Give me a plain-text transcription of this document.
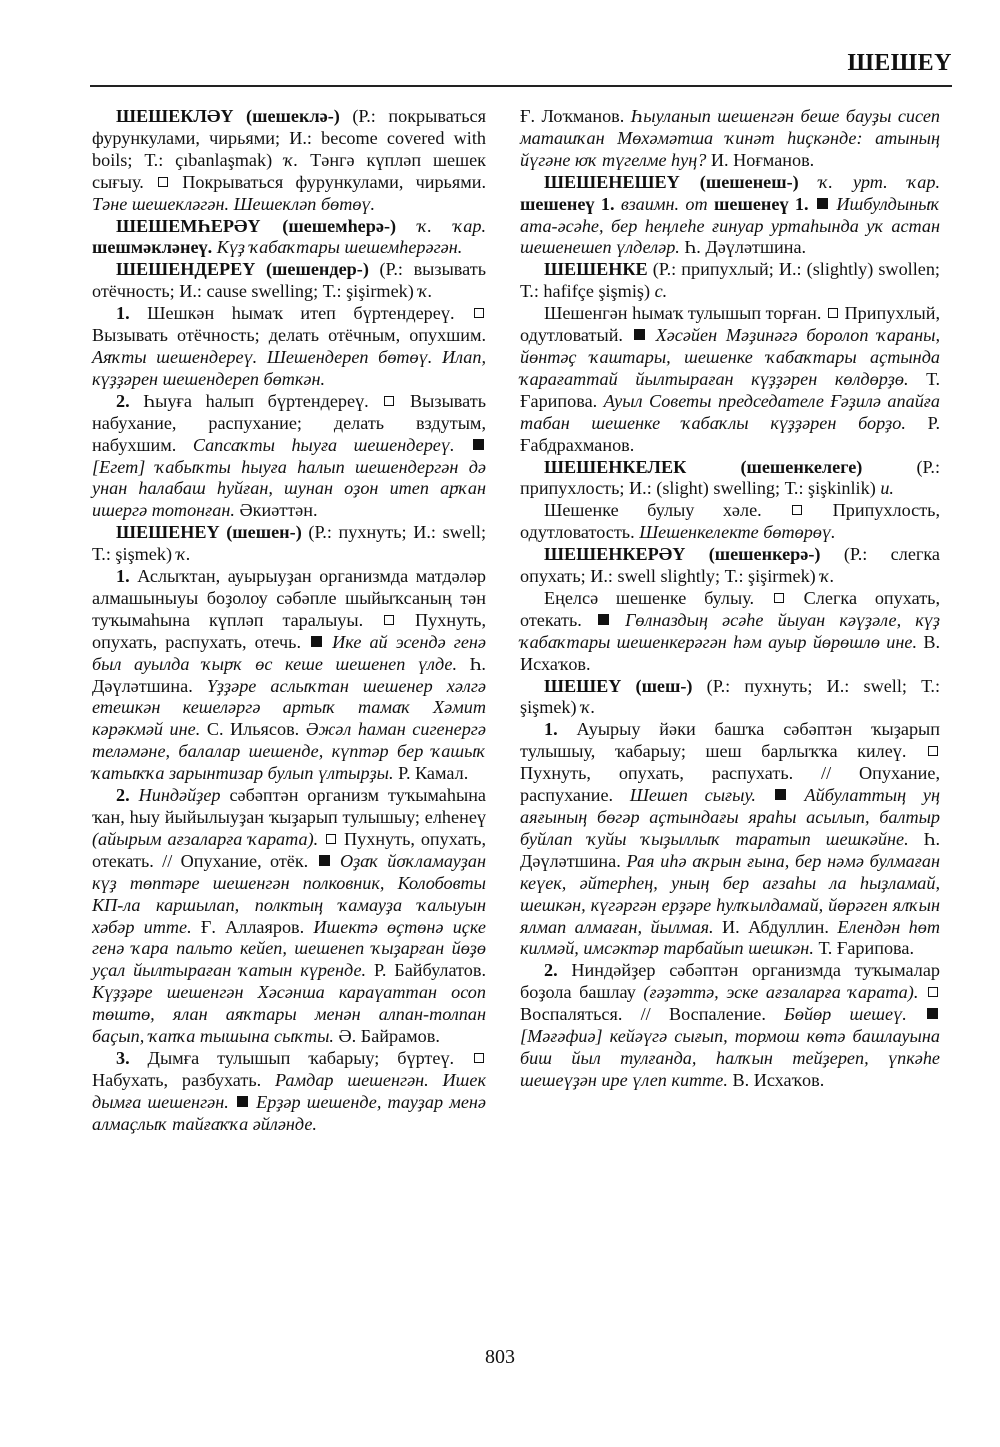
ШЕШЕҮ

ШЕШЕКЛӘҮ (шешеклә-) (Р.: покрываться фурункулами, чирьями; И.: become covered with boils; Т.: çıbanlaşmak) ҡ. Тәнгә күпләп шешек сығыу.  Покрываться фурункулами, чирьями. Тәне шешекләгән. Шешекләп бөтөү.

ШЕШЕМҺЕРӘҮ (шешемһерә-) ҡ. ҡар. шешмәкләнеү. Күҙ ҡабаҡтары шешемһерәгән.

ШЕШЕНДЕРЕҮ (шешендер-) (Р.: вызывать отёчность; И.: cause swelling; Т.: şişirmek) ҡ.

1. Шешкән һымаҡ итеп бүртендереү.  Вызывать отёчность; делать отёчным, опухшим. Аяҡты шешендереү. Шешендереп бөтөү. Илап, күҙҙәрен шешендереп бөткән.

2. Һыуға һалып бүртендереү.  Вызывать набухание, распухание; делать вздутым, набухшим. Сапсаҡты һыуға шешендереү.  [Егет] ҡабыҡты һыуға һалып шешендергән дә унан һалабаш һуйған, шунан оҙон итеп арҡан ишергә тотонған. Әкиәттән.

ШЕШЕНЕҮ (шешен-) (Р.: пухнуть; И.: swell; Т.: şişmek) ҡ.

1. Аслыҡтан, ауырыуҙан организмда матдәләр алмашыныуы боҙолоу сәбәпле шыйыҡсаның тән туҡымаһына күпләп таралыуы.  Пухнуть, опухать, распухать, отечь.  Ике ай эсендә генә был ауылда ҡырҡ өс кеше шешенеп үлде. Һ. Дәүләтшина. Үҙҙәре аслыҡтан шешенер хәлгә етешкән кешеләргә артыҡ тамаҡ Хәмит кәрәкмәй ине. С. Ильясов. Әжәл һаман сигенергә теләмәне, балалар шешенде, күптәр бер ҡашыҡ ҡатыҡҡа зарынтизар булып үлтырҙы. Р. Камал.

2. Ниндәйҙер сәбәптән организм туҡымаһына ҡан, һыу йыйылыуҙан ҡыҙарып тулышыу; елһенеү (айырым ағзаларға ҡарата).  Пухнуть, опухать, отекать. // Опухание, отёк.  Оҙаҡ йоҡламауҙан күҙ төптәре шешенгән полковник, Колобовты КП-ла каршылап, полктың ҡамауҙа ҡалыуын хәбәр итте. Ғ. Аллаяров. Ишектә өҫтөнә иҫке генә ҡара пальто кейеп, шешенеп ҡыҙарған йөҙө уҫал йылтыраған ҡатын күренде. Р. Байбулатов. Күҙҙәре шешенгән Хәсәнша караүаттан осоп төштө, ялан аяҡтары менән алпан-толпан баҫып, ҡапҡа тышына сыҡты. Ә. Байрамов.

3. Дымға тулышып ҡабарыу; бүртеү.  Набухать, разбухать. Рамдар шешенгән. Ишек дымға шешенгән. Ерҙәр шешенде, тауҙар менә алмаҫлыҡ тайғаҡҡа әйләнде.

Ғ. Лоҡманов. Һыуланып шешенгән беше бауҙы сисеп маташҡан Мөхәмәтша ҡинәт һиҫкәнде: атының йүгәне юҡ түгелме һуң? И. Ноғманов.

ШЕШЕНЕШЕҮ (шешенеш-) ҡ. урт. ҡар. шешенеү 1. взаимн. от шешенеү 1. Ишбулдыныҡ ата-әсәһе, бер һеңлеһе ғинуар уртаһында уҡ астан шешенешеп үлделәр. Һ. Дәүләтшина.

ШЕШЕНКЕ (Р.: припухлый; И.: (slightly) swollen; Т.: hafifçe şişmiş) с.

Шешенгән һымаҡ тулышып торған.  Припухлый, одутловатый.  Хәсәйен Мәҙинәгә боролоп ҡараны, йөнтәҫ ҡаштары, шешенке ҡабаҡтары аҫтында ҡарағаттай йылтыраған күҙҙәрен көлдөрҙө. Т. Ғарипова. Ауыл Советы председателе Ғәҙилә апайға табан шешенке ҡабаҡлы күҙҙәрен борҙо. Р. Ғабдрахманов.

ШЕШЕНКЕЛЕК (шешенкелеге) (Р.: припухлость; И.: (slight) swelling; Т.: şişkinlik) и.

Шешенке булыу хәле.  Припухлость, одутловатость. Шешенкелекте бөтөрөү.

ШЕШЕНКЕРӘҮ (шешенкерә-) (Р.: слегка опухать; И.: swell slightly; Т.: şişirmek) ҡ.

Еңелсә шешенке булыу.  Слегка опухать, отекать.  Гөлназдың әсәһе йыуан кәүҙәле, күҙ ҡабаҡтары шешенкерәгән һәм ауыр йөрөшлө ине. В. Исхаҡов.

ШЕШЕҮ (шеш-) (Р.: пухнуть; И.: swell; Т.: şişmek) ҡ.

1. Ауырыу йәки башҡа сәбәптән ҡыҙарып тулышыу, ҡабарыу; шеш барлыҡҡа килеү.  Пухнуть, опухать, распухать. // Опухание, распухание. Шешеп сығыу.	Айбулаттың уң аяғының бөгәр аҫтындағы яраһы асылып, балтыр буйлап ҡуйы ҡыҙыллыҡ таратып шешкәйне. Һ. Дәүләтшина. Рая иһә аҡрын ғына, бер нәмә булмаған кеүек, әйтерһең, уның бер ағзаһы ла һыҙламай, шешкән, күгәргән ерҙәре һулҡылдамай, йөрәген ялҡын ялмап алмаған, йылмая. И. Абдуллин. Елендән һөт килмәй, имсәктәр тарбайып шешкән. Т. Ғарипова.

2. Ниндәйҙер сәбәптән организмда туҡымалар боҙола башлау (ғәҙәттә, эске ағзаларға ҡарата).  Воспаляться. // Воспаление. Бөйөр шешеү.  [Мәғәфиә] кейәүгә сығып, тормош көтә башлауына биш йыл тулғанда, һалҡын тейҙереп, үпкәһе шешеүҙән ире үлеп китте. В. Исхаҡов.

803
